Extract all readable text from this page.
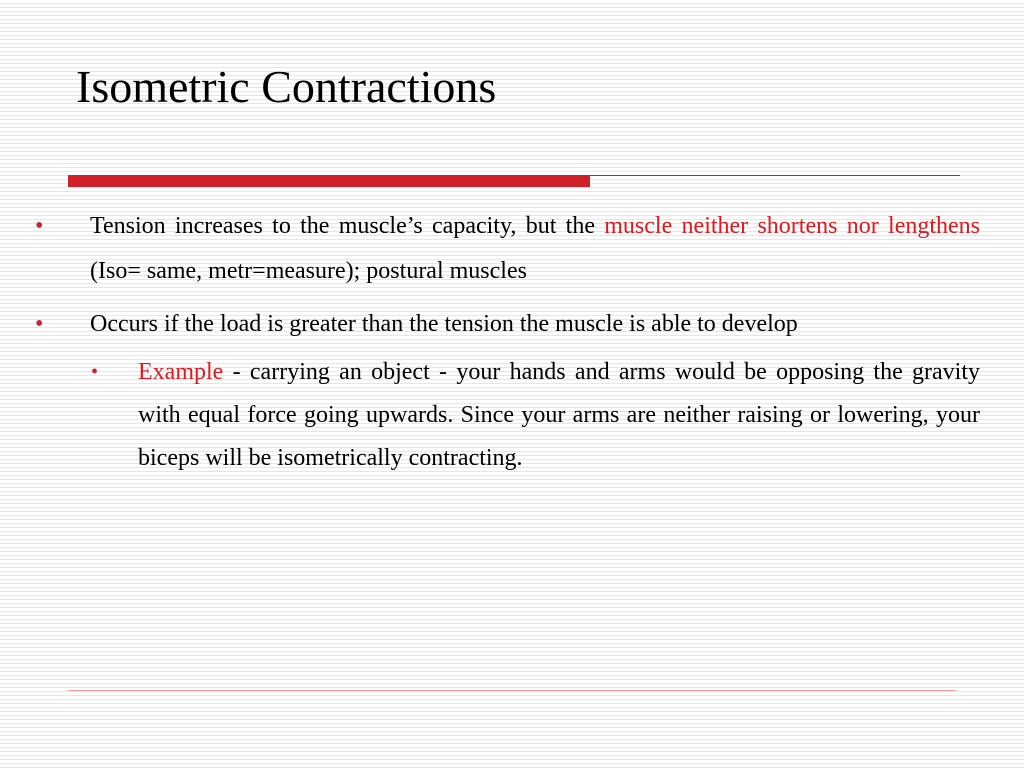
Isometric Contractions
• Tension increases to the muscle’s capacity, but the muscle neither shortens nor lengthens (Iso= same, metr=measure); postural muscles
• Occurs if the load is greater than the tension the muscle is able to develop
• Example - carrying an object - your hands and arms would be opposing the gravity with equal force going upwards. Since your arms are neither raising or lowering, your biceps will be isometrically contracting.
